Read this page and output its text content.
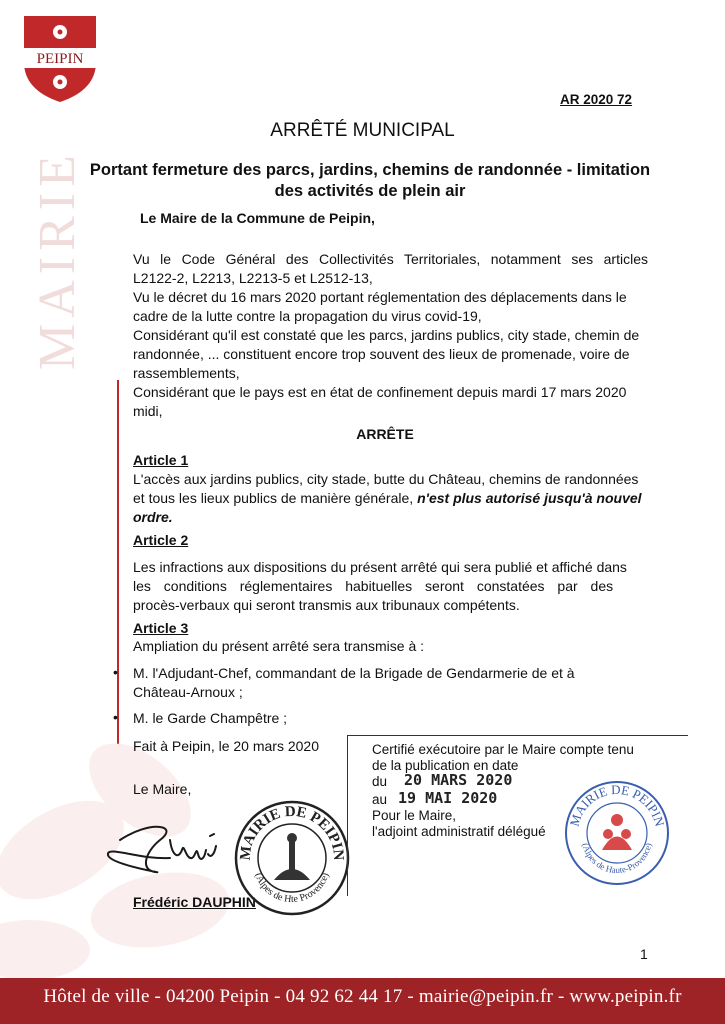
PEIPIN
MAIRIE
AR 2020 72
ARRÊTÉ MUNICIPAL
Portant fermeture des parcs, jardins, chemins de randonnée - limitation
des activités de plein air
Le Maire de la Commune de Peipin,
Vu le Code Général des Collectivités Territoriales, notamment ses articles
L2122-2, L2213, L2213-5 et L2512-13,
Vu le décret du 16 mars 2020 portant réglementation des déplacements dans le
cadre de la lutte contre la propagation du virus covid-19,
Considérant qu'il est constaté que les parcs, jardins publics, city stade, chemin de
randonnée, ... constituent encore trop souvent des lieux de promenade, voire de
rassemblements,
Considérant que le pays est en état de confinement depuis mardi 17 mars 2020
midi,
ARRÊTE
Article 1
L'accès aux jardins publics, city stade, butte du Château, chemins de randonnées
et tous les lieux publics de manière générale, n'est plus autorisé jusqu'à nouvel
ordre.
Article 2
Les infractions aux dispositions du présent arrêté qui sera publié et affiché dans
les conditions réglementaires habituelles seront constatées par des
procès-verbaux qui seront transmis aux tribunaux compétents.
Article 3
Ampliation du présent arrêté sera transmise à :
• M. l'Adjudant-Chef, commandant de la Brigade de Gendarmerie de et à
Château-Arnoux ;
• M. le Garde Champêtre ;
Fait à Peipin, le 20 mars 2020
Le Maire,
Frédéric DAUPHIN
MAIRIE DE PEIPIN
(Alpes de Hte Provence)
Certifié exécutoire par le Maire compte tenu
de la publication en date
du 20 MARS 2020
au 19 MAI 2020
Pour le Maire,
l'adjoint administratif délégué
MAIRIE DE PEIPIN
(Alpes de Haute-Provence)
1
Hôtel de ville - 04200 Peipin - 04 92 62 44 17 - mairie@peipin.fr - www.peipin.fr
